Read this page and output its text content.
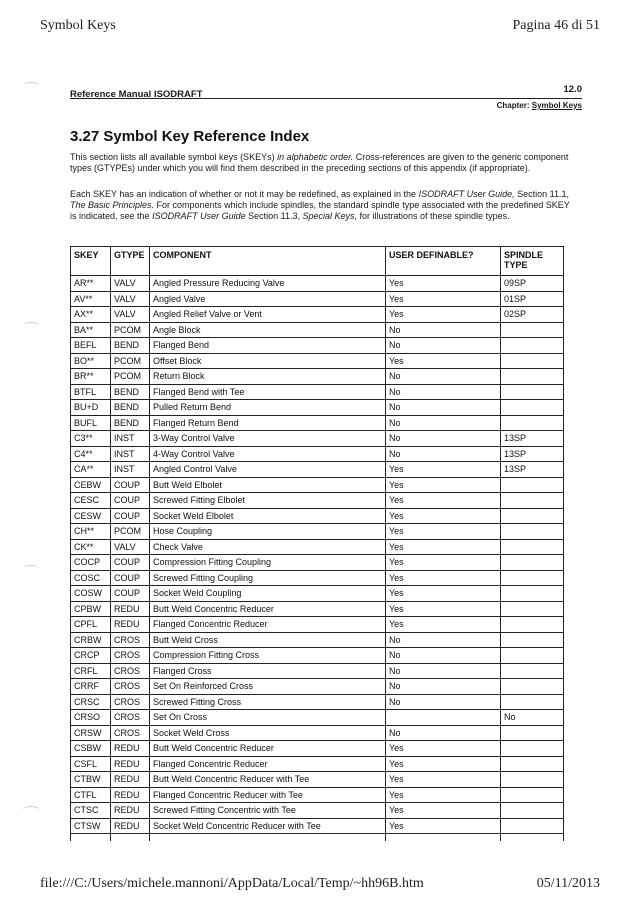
Symbol Keys	Pagina 46 di 51
Reference Manual ISODRAFT	12.0
Chapter: Symbol Keys
3.27 Symbol Key Reference Index

This section lists all available symbol keys (SKEYs) in alphabetic order. Cross-references are given to the generic component types (GTYPEs) under which you will find them described in the preceding sections of this appendix (if appropriate).

Each SKEY has an indication of whether or not it may be redefined, as explained in the ISODRAFT User Guide, Section 11.1, The Basic Principles. For components which include spindles, the standard spindle type associated with the predefined SKEY is indicated, see the ISODRAFT User Guide Section 11.3, Special Keys, for illustrations of these spindle types.

SKEY	GTYPE	COMPONENT	USER DEFINABLE?	SPINDLE TYPE
AR**	VALV	Angled Pressure Reducing Valve	Yes	09SP
AV**	VALV	Angled Valve	Yes	01SP
AX**	VALV	Angled Relief Valve or Vent	Yes	02SP
BA**	PCOM	Angle Block	No	
BEFL	BEND	Flanged Bend	No	
BO**	PCOM	Offset Block	Yes	
BR**	PCOM	Return Block	No	
BTFL	BEND	Flanged Bend with Tee	No	
BU+D	BEND	Pulled Return Bend	No	
BUFL	BEND	Flanged Return Bend	No	
C3**	INST	3-Way Control Valve	No	13SP
C4**	INST	4-Way Control Valve	No	13SP
CA**	INST	Angled Control Valve	Yes	13SP
CEBW	COUP	Butt Weld Elbolet	Yes	
CESC	COUP	Screwed Fitting Elbolet	Yes	
CESW	COUP	Socket Weld Elbolet	Yes	
CH**	PCOM	Hose Coupling	Yes	
CK**	VALV	Check Valve	Yes	
COCP	COUP	Compression Fitting Coupling	Yes	
COSC	COUP	Screwed Fitting Coupling	Yes	
COSW	COUP	Socket Weld Coupling	Yes	
CPBW	REDU	Butt Weld Concentric Reducer	Yes	
CPFL	REDU	Flanged Concentric Reducer	Yes	
CRBW	CROS	Butt Weld Cross	No	
CRCP	CROS	Compression Fitting Cross	No	
CRFL	CROS	Flanged Cross	No	
CRRF	CROS	Set On Reinforced Cross	No	
CRSC	CROS	Screwed Fitting Cross	No	
CRSO	CROS	Set On Cross		No
CRSW	CROS	Socket Weld Cross	No	
CSBW	REDU	Butt Weld Concentric Reducer	Yes	
CSFL	REDU	Flanged Concentric Reducer	Yes	
CTBW	REDU	Butt Weld Concentric Reducer with Tee	Yes	
CTFL	REDU	Flanged Concentric Reducer with Tee	Yes	
CTSC	REDU	Screwed Fitting Concentric with Tee	Yes	
CTSW	REDU	Socket Weld Concentric Reducer with Tee	Yes	

file:///C:/Users/michele.mannoni/AppData/Local/Temp/~hh96B.htm	05/11/2013
